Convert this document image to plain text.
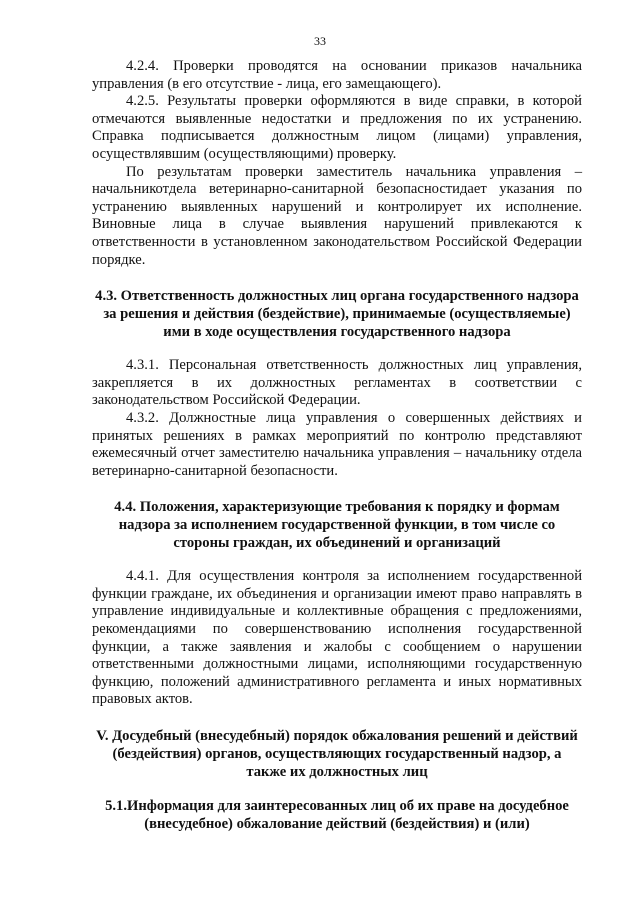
33

4.2.4. Проверки проводятся на основании приказов начальника управления (в его отсутствие - лица, его замещающего).

4.2.5. Результаты проверки оформляются в виде справки, в которой отмечаются выявленные недостатки и предложения по их устранению. Справка подписывается должностным лицом (лицами) управления, осуществлявшим (осуществляющими) проверку.

По результатам проверки заместитель начальника управления – начальникотдела ветеринарно-санитарной безопасностидает указания по устранению выявленных нарушений и контролирует их исполнение. Виновные лица в случае выявления нарушений привлекаются к ответственности в установленном законодательством Российской Федерации порядке.

4.3. Ответственность должностных лиц органа государственного надзора за решения и действия (бездействие), принимаемые (осуществляемые) ими в ходе осуществления государственного надзора

4.3.1. Персональная ответственность должностных лиц управления, закрепляется в их должностных регламентах в соответствии с законодательством Российской Федерации.

4.3.2. Должностные лица управления о совершенных действиях и принятых решениях в рамках мероприятий по контролю представляют ежемесячный отчет заместителю начальника управления – начальнику отдела ветеринарно-санитарной безопасности.

4.4. Положения, характеризующие требования к порядку и формам надзора за исполнением государственной функции, в том числе со стороны граждан, их объединений и организаций

4.4.1. Для осуществления контроля за исполнением государственной функции граждане, их объединения и организации имеют право направлять в управление индивидуальные и коллективные обращения с предложениями, рекомендациями по совершенствованию исполнения государственной функции, а также заявления и жалобы с сообщением о нарушении ответственными должностными лицами, исполняющими государственную функцию, положений административного регламента и иных нормативных правовых актов.

V. Досудебный (внесудебный) порядок обжалования решений и действий (бездействия) органов, осуществляющих государственный надзор, а также их должностных лиц

5.1.Информация для заинтересованных лиц об их праве на досудебное (внесудебное) обжалование действий (бездействия) и (или)
